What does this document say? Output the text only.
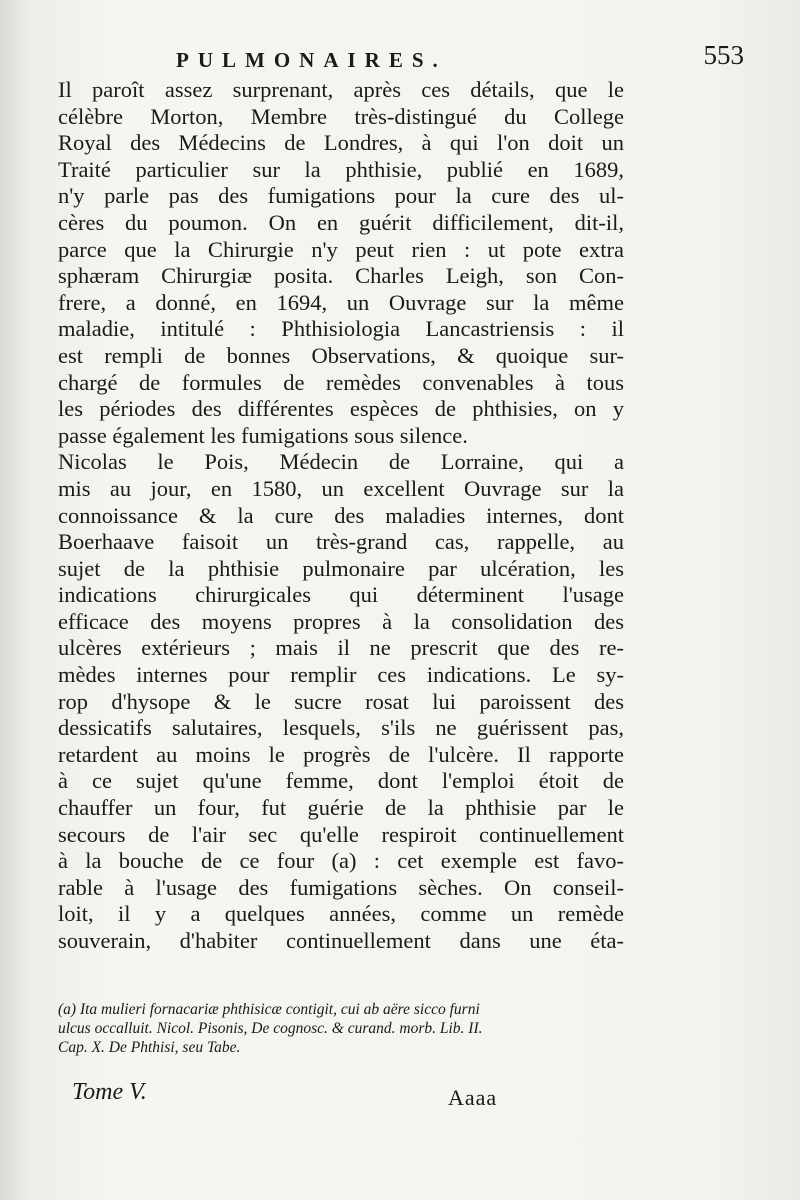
PULMONAIRES.	553

Il paroît assez surprenant, après ces détails, que le
célèbre Morton, Membre très-distingué du College
Royal des Médecins de Londres, à qui l'on doit un
Traité particulier sur la phthisie, publié en 1689,
n'y parle pas des fumigations pour la cure des ul-
cères du poumon. On en guérit difficilement, dit-il,
parce que la Chirurgie n'y peut rien : ut pote extra
sphæram Chirurgiæ posita. Charles Leigh, son Con-
frere, a donné, en 1694, un Ouvrage sur la même
maladie, intitulé : Phthisiologia Lancastriensis : il
est rempli de bonnes Observations, & quoique sur-
chargé de formules de remèdes convenables à tous
les périodes des différentes espèces de phthisies, on y
passe également les fumigations sous silence.

Nicolas le Pois, Médecin de Lorraine, qui a
mis au jour, en 1580, un excellent Ouvrage sur la
connoissance & la cure des maladies internes, dont
Boerhaave faisoit un très-grand cas, rappelle, au
sujet de la phthisie pulmonaire par ulcération, les
indications chirurgicales qui déterminent l'usage
efficace des moyens propres à la consolidation des
ulcères extérieurs ; mais il ne prescrit que des re-
mèdes internes pour remplir ces indications. Le sy-
rop d'hysope & le sucre rosat lui paroissent des
dessicatifs salutaires, lesquels, s'ils ne guérissent pas,
retardent au moins le progrès de l'ulcère. Il rapporte
à ce sujet qu'une femme, dont l'emploi étoit de
chauffer un four, fut guérie de la phthisie par le
secours de l'air sec qu'elle respiroit continuellement
à la bouche de ce four (a) : cet exemple est favo-
rable à l'usage des fumigations sèches. On conseil-
loit, il y a quelques années, comme un remède
souverain, d'habiter continuellement dans une éta-

(a) Ita mulieri fornacariæ phthisicæ contigit, cui ab aëre sicco furni
ulcus occalluit. Nicol. Pisonis, De cognosc. & curand. morb. Lib. II.
Cap. X. De Phthisi, seu Tabe.
Tome V.	Aaaa
